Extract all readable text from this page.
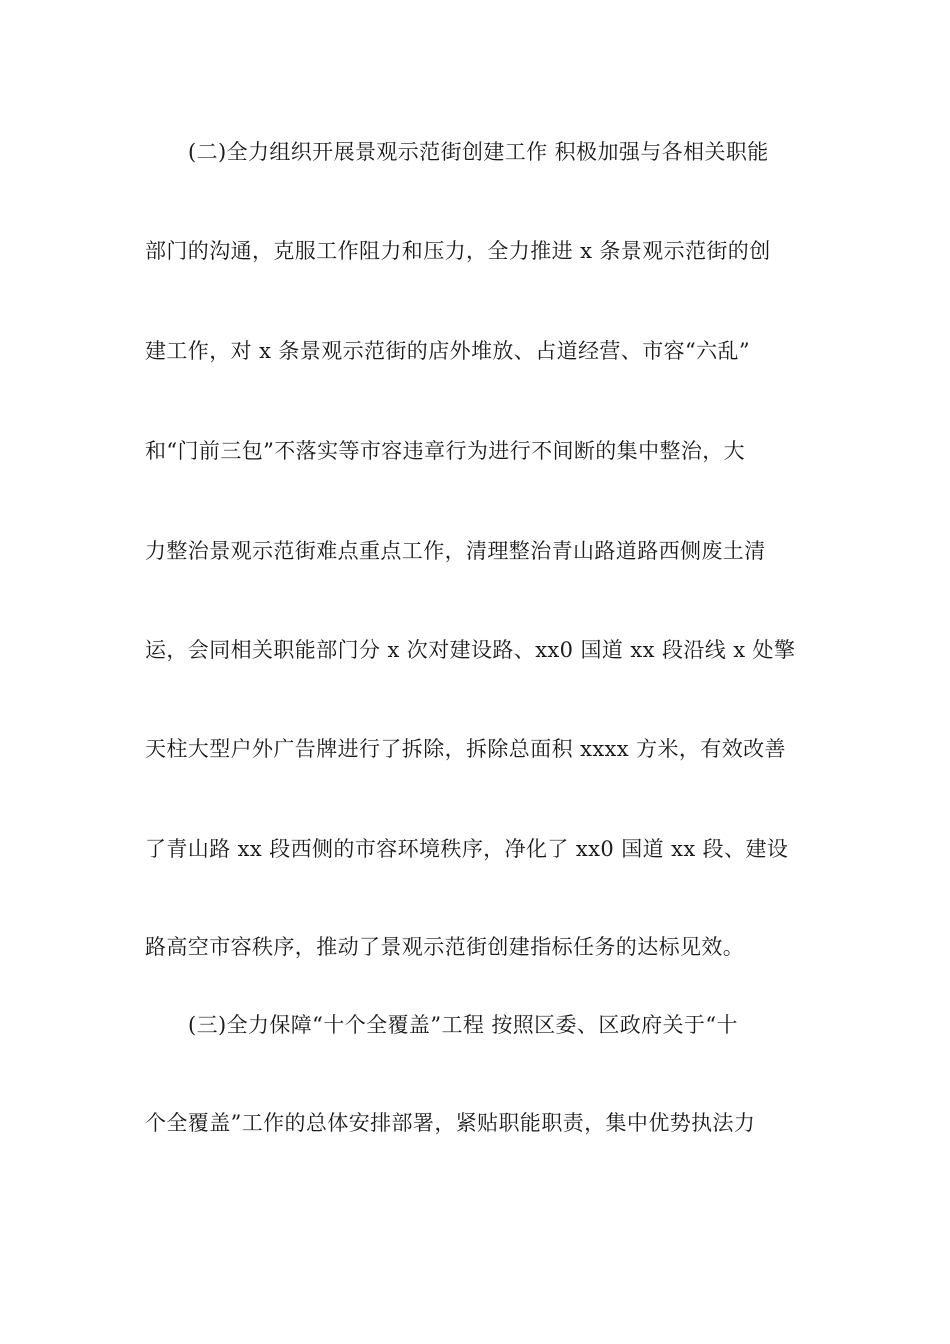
(二)全力组织开展景观示范街创建工作 积极加强与各相关职能
部门的沟通，克服工作阻力和压力，全力推进 x 条景观示范街的创
建工作，对 x 条景观示范街的店外堆放、占道经营、市容“六乱”
和“门前三包”不落实等市容违章行为进行不间断的集中整治，大
力整治景观示范街难点重点工作，清理整治青山路道路西侧废土清
运，会同相关职能部门分 x 次对建设路、xx0 国道 xx 段沿线 x 处擎
天柱大型户外广告牌进行了拆除，拆除总面积 xxxx 方米，有效改善
了青山路 xx 段西侧的市容环境秩序，净化了 xx0 国道 xx 段、建设
路高空市容秩序，推动了景观示范街创建指标任务的达标见效。
(三)全力保障“十个全覆盖”工程 按照区委、区政府关于“十
个全覆盖”工作的总体安排部署，紧贴职能职责，集中优势执法力
